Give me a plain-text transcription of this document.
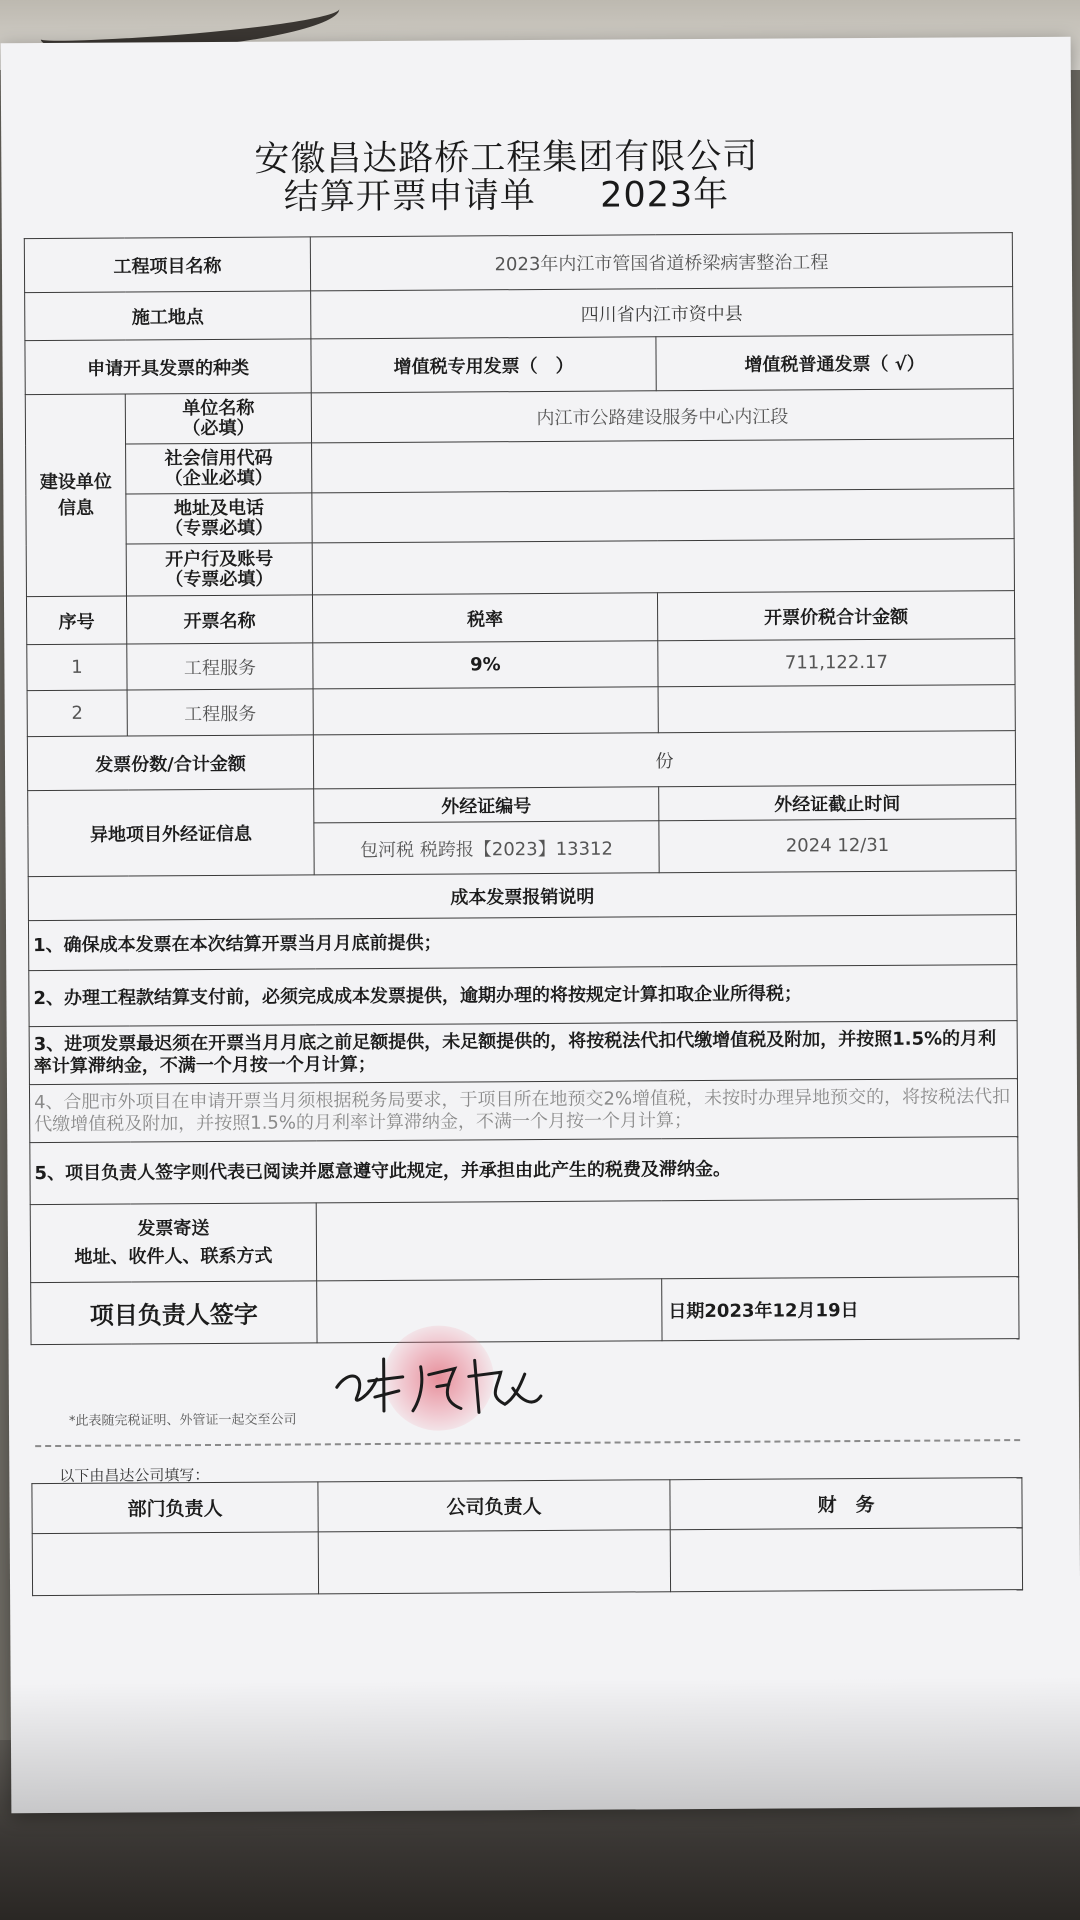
安徽昌达路桥工程集团有限公司
结算开票申请单 2023年
工程项目名称		2023年内江市管国省道桥梁病害整治工程	
施工地点		四川省内江市资中县	
申请开具发票的种类		增值税专用发票（　）	增值税普通发票（ √）
建设单位信息	单位名称
（必填）	内江市公路建设服务中心内江段	

	社会信用代码
（企业必填）		

	地址及电话
（专票必填）		

	开户行及账号
（专票必填）		

序号	开票名称	税率	开票价税合计金额
1	工程服务	9%	711,122.17
2	工程服务		
发票份数/合计金额		份	
异地项目外经证信息		外经证编号	外经证截止时间
		包河税 税跨报【2023】13312	2024 12/31
成本发票报销说明			
1、确保成本发票在本次结算开票当月月底前提供；			
2、办理工程款结算支付前，必须完成成本发票提供，逾期办理的将按规定计算扣取企业所得税；			
3、进项发票最迟须在开票当月月底之前足额提供，未足额提供的，将按税法代扣代缴增值税及附加，并按照1.5%的月利率计算滞纳金，不满一个月按一个月计算；			
4、合肥市外项目在申请开票当月须根据税务局要求，于项目所在地预交2%增值税，未按时办理异地预交的，将按税法代扣代缴增值税及附加，并按照1.5%的月利率计算滞纳金，不满一个月按一个月计算；			
5、项目负责人签字则代表已阅读并愿意遵守此规定，并承担由此产生的税费及滞纳金。			

发票寄送
地址、收件人、联系方式			

项目负责人签字			日期2023年12月19日
*此表随完税证明、外管证一起交至公司
以下由昌达公司填写：
部门负责人	公司负责人	财　务
